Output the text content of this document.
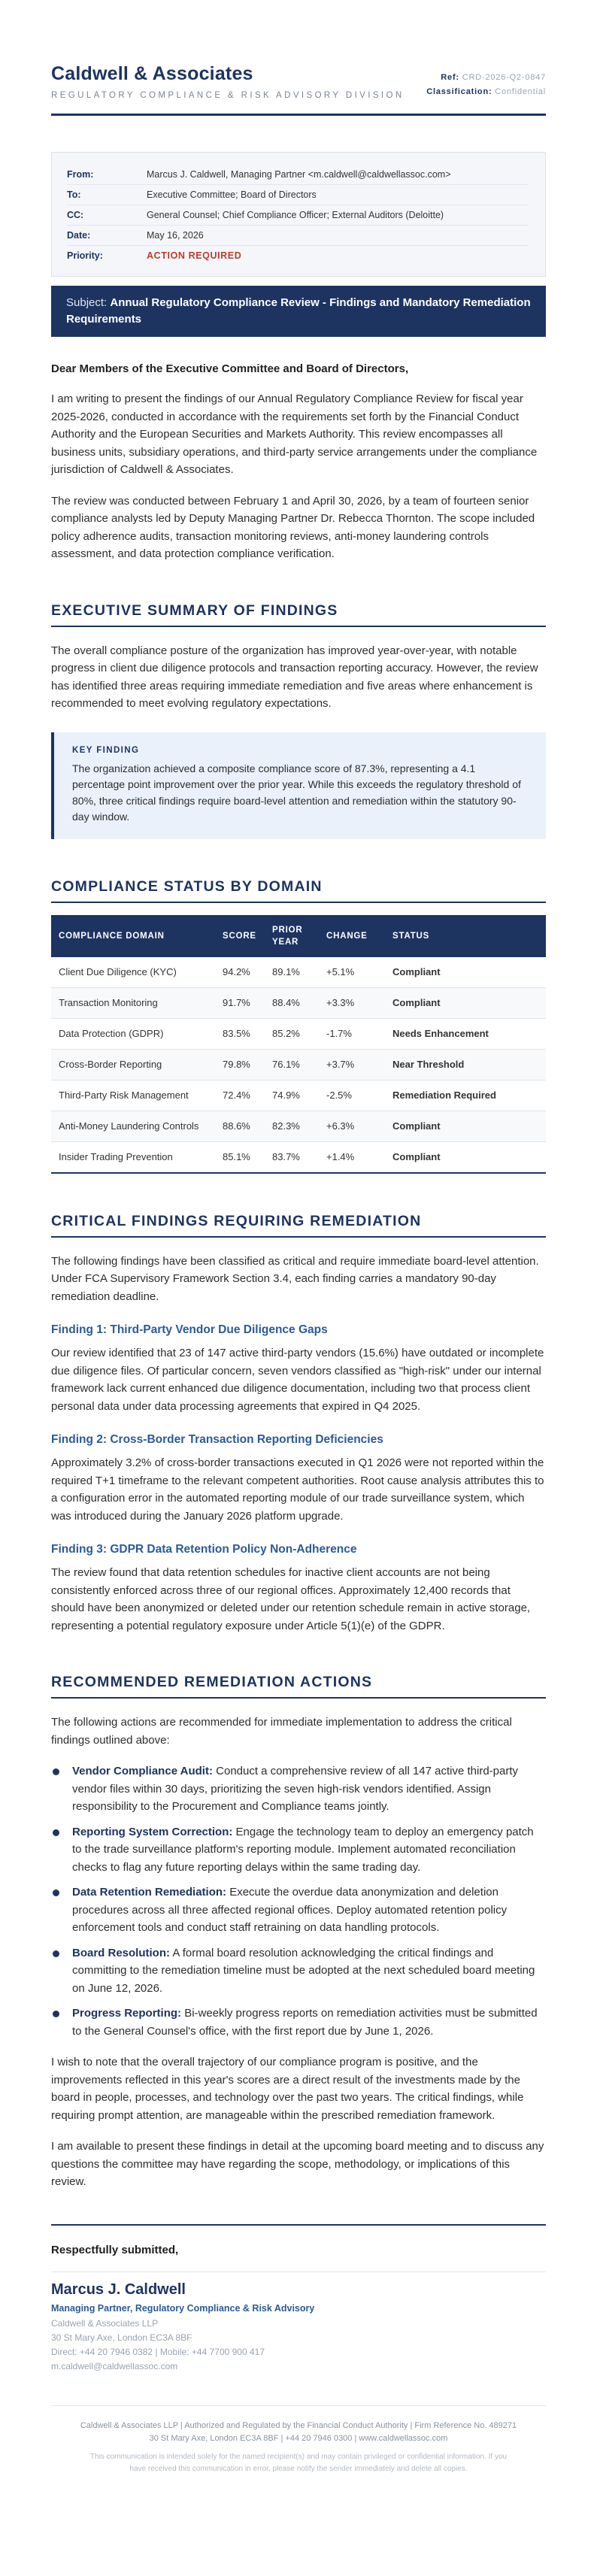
Caldwell & Associates
REGULATORY COMPLIANCE & RISK ADVISORY DIVISION
Ref: CRD-2026-Q2-0847
Classification: Confidential
From:	Marcus J. Caldwell, Managing Partner <m.caldwell@caldwellassoc.com>
To:	Executive Committee; Board of Directors
CC:	General Counsel; Chief Compliance Officer; External Auditors (Deloitte)
Date:	May 16, 2026
Priority:	ACTION REQUIRED
Subject: Annual Regulatory Compliance Review - Findings and Mandatory Remediation Requirements
Dear Members of the Executive Committee and Board of Directors,

I am writing to present the findings of our Annual Regulatory Compliance Review for fiscal year 2025-2026, conducted in accordance with the requirements set forth by the Financial Conduct Authority and the European Securities and Markets Authority. This review encompasses all business units, subsidiary operations, and third-party service arrangements under the compliance jurisdiction of Caldwell & Associates.

The review was conducted between February 1 and April 30, 2026, by a team of fourteen senior compliance analysts led by Deputy Managing Partner Dr. Rebecca Thornton. The scope included policy adherence audits, transaction monitoring reviews, anti-money laundering controls assessment, and data protection compliance verification.

EXECUTIVE SUMMARY OF FINDINGS

The overall compliance posture of the organization has improved year-over-year, with notable progress in client due diligence protocols and transaction reporting accuracy. However, the review has identified three areas requiring immediate remediation and five areas where enhancement is recommended to meet evolving regulatory expectations.

KEY FINDING
The organization achieved a composite compliance score of 87.3%, representing a 4.1 percentage point improvement over the prior year. While this exceeds the regulatory threshold of 80%, three critical findings require board-level attention and remediation within the statutory 90-day window.
COMPLIANCE STATUS BY DOMAIN
COMPLIANCE DOMAIN	SCORE	PRIOR YEAR	CHANGE	STATUS
Client Due Diligence (KYC)	94.2%	89.1%	+5.1%	Compliant
Transaction Monitoring	91.7%	88.4%	+3.3%	Compliant
Data Protection (GDPR)	83.5%	85.2%	-1.7%	Needs Enhancement
Cross-Border Reporting	79.8%	76.1%	+3.7%	Near Threshold
Third-Party Risk Management	72.4%	74.9%	-2.5%	Remediation Required
Anti-Money Laundering Controls	88.6%	82.3%	+6.3%	Compliant
Insider Trading Prevention	85.1%	83.7%	+1.4%	Compliant
CRITICAL FINDINGS REQUIRING REMEDIATION

The following findings have been classified as critical and require immediate board-level attention. Under FCA Supervisory Framework Section 3.4, each finding carries a mandatory 90-day remediation deadline.

Finding 1: Third-Party Vendor Due Diligence Gaps

Our review identified that 23 of 147 active third-party vendors (15.6%) have outdated or incomplete due diligence files. Of particular concern, seven vendors classified as "high-risk" under our internal framework lack current enhanced due diligence documentation, including two that process client personal data under data processing agreements that expired in Q4 2025.

Finding 2: Cross-Border Transaction Reporting Deficiencies

Approximately 3.2% of cross-border transactions executed in Q1 2026 were not reported within the required T+1 timeframe to the relevant competent authorities. Root cause analysis attributes this to a configuration error in the automated reporting module of our trade surveillance system, which was introduced during the January 2026 platform upgrade.

Finding 3: GDPR Data Retention Policy Non-Adherence

The review found that data retention schedules for inactive client accounts are not being consistently enforced across three of our regional offices. Approximately 12,400 records that should have been anonymized or deleted under our retention schedule remain in active storage, representing a potential regulatory exposure under Article 5(1)(e) of the GDPR.

RECOMMENDED REMEDIATION ACTIONS

The following actions are recommended for immediate implementation to address the critical findings outlined above:

Vendor Compliance Audit: Conduct a comprehensive review of all 147 active third-party vendor files within 30 days, prioritizing the seven high-risk vendors identified. Assign responsibility to the Procurement and Compliance teams jointly.
Reporting System Correction: Engage the technology team to deploy an emergency patch to the trade surveillance platform's reporting module. Implement automated reconciliation checks to flag any future reporting delays within the same trading day.
Data Retention Remediation: Execute the overdue data anonymization and deletion procedures across all three affected regional offices. Deploy automated retention policy enforcement tools and conduct staff retraining on data handling protocols.
Board Resolution: A formal board resolution acknowledging the critical findings and committing to the remediation timeline must be adopted at the next scheduled board meeting on June 12, 2026.
Progress Reporting: Bi-weekly progress reports on remediation activities must be submitted to the General Counsel's office, with the first report due by June 1, 2026.

I wish to note that the overall trajectory of our compliance program is positive, and the improvements reflected in this year's scores are a direct result of the investments made by the board in people, processes, and technology over the past two years. The critical findings, while requiring prompt attention, are manageable within the prescribed remediation framework.

I am available to present these findings in detail at the upcoming board meeting and to discuss any questions the committee may have regarding the scope, methodology, or implications of this review.

Respectfully submitted,
Marcus J. Caldwell
Managing Partner, Regulatory Compliance & Risk Advisory
Caldwell & Associates LLP
30 St Mary Axe, London EC3A 8BF
Direct: +44 20 7946 0382 | Mobile: +44 7700 900 417
m.caldwell@caldwellassoc.com
Caldwell & Associates LLP | Authorized and Regulated by the Financial Conduct Authority | Firm Reference No. 489271
30 St Mary Axe, London EC3A 8BF | +44 20 7946 0300 | www.caldwellassoc.com
This communication is intended solely for the named recipient(s) and may contain privileged or confidential information. If you have received this communication in error, please notify the sender immediately and delete all copies.
